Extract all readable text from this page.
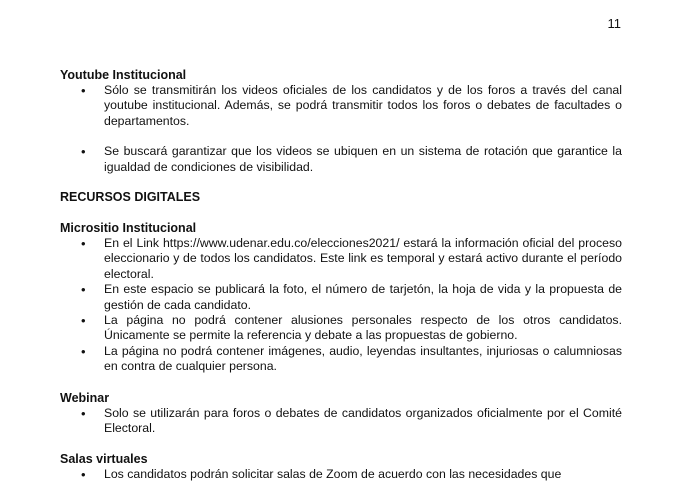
11
Youtube Institucional
• Sólo se transmitirán los videos oficiales de los candidatos y de los foros a través del canal youtube institucional. Además, se podrá transmitir todos los foros o debates de facultades o departamentos.
• Se buscará garantizar que los videos se ubiquen en un sistema de rotación que garantice la igualdad de condiciones de visibilidad.
RECURSOS DIGITALES
Micrositio Institucional
• En el Link https://www.udenar.edu.co/elecciones2021/ estará la información oficial del proceso eleccionario y de todos los candidatos. Este link es temporal y estará activo durante el período electoral.
• En este espacio se publicará la foto, el número de tarjetón, la hoja de vida y la propuesta de gestión de cada candidato.
• La página no podrá contener alusiones personales respecto de los otros candidatos. Únicamente se permite la referencia y debate a las propuestas de gobierno.
• La página no podrá contener imágenes, audio, leyendas insultantes, injuriosas o calumniosas en contra de cualquier persona.
Webinar
• Solo se utilizarán para foros o debates de candidatos organizados oficialmente por el Comité Electoral.
Salas virtuales
• Los candidatos podrán solicitar salas de Zoom de acuerdo con las necesidades que
